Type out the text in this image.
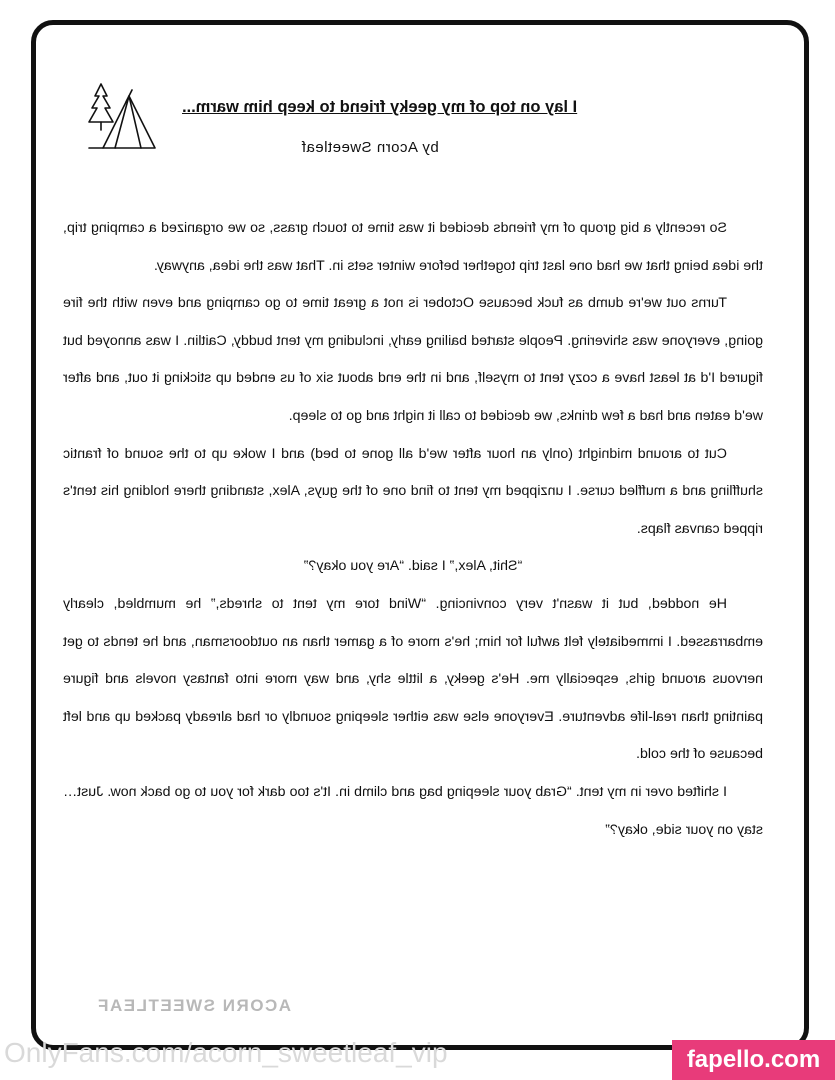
I lay on top of my geeky friend to keep him warm...
by Acorn Sweetleaf

So recently a big group of my friends decided it was time to touch grass, so we organized a camping trip, the idea being that we had one last trip together before winter sets in. That was the idea, anyway.

Turns out we're dumb as fuck because October is not a great time to go camping and even with the fire going, everyone was shivering. People started bailing early, including my tent buddy, Caitlin. I was annoyed but figured I'd at least have a cozy tent to myself, and in the end about six of us ended up sticking it out, and after we'd eaten and had a few drinks, we decided to call it night and go to sleep.

Cut to around midnight (only an hour after we'd all gone to bed) and I woke up to the sound of frantic shuffling and a muffled curse. I unzipped my tent to find one of the guys, Alex, standing there holding his tent's ripped canvas flaps.

“Shit, Alex,” I said. “Are you okay?”

He nodded, but it wasn't very convincing. “Wind tore my tent to shreds,” he mumbled, clearly embarrassed. I immediately felt awful for him; he's more of a gamer than an outdoorsman, and he tends to get nervous around girls, especially me. He's geeky, a little shy, and way more into fantasy novels and figure painting than real-life adventure. Everyone else was either sleeping soundly or had already packed up and left because of the cold.

I shifted over in my tent. “Grab your sleeping bag and climb in. It's too dark for you to go back now. Just… stay on your side, okay?”

ACORN SWEETLEAF
OnlyFans.com/acorn_sweetleaf_vip	fapello.com
